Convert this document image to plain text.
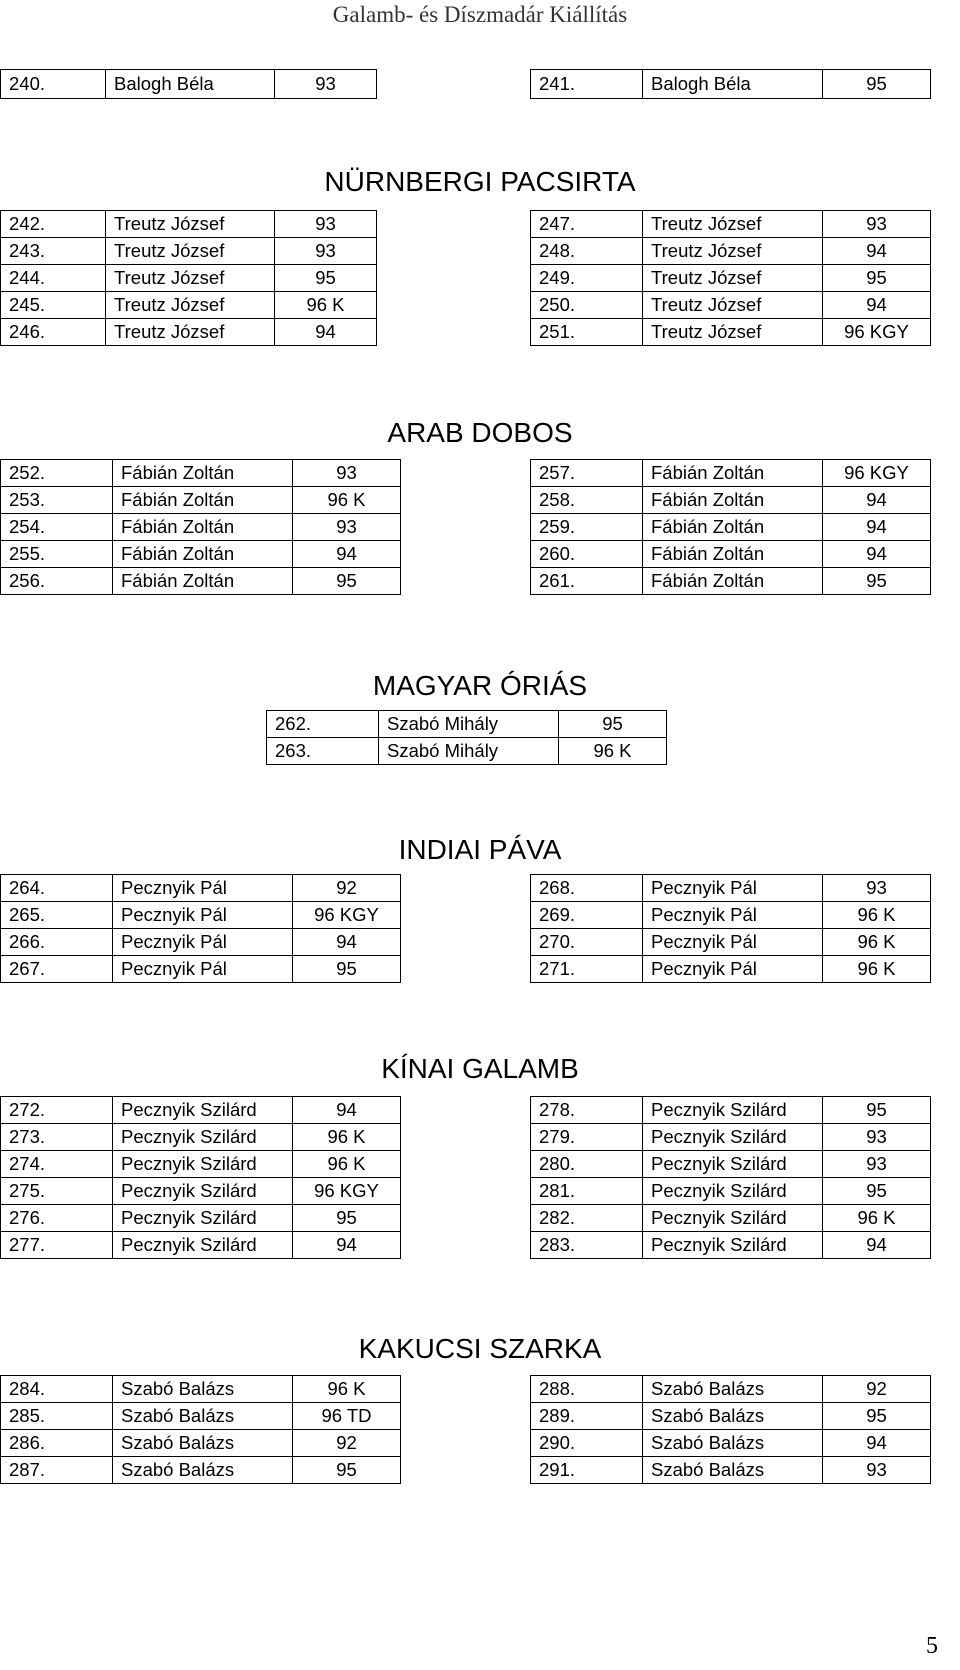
Galamb- és Díszmadár Kiállítás
240.	Balogh Béla	93	241.	Balogh Béla	95
NÜRNBERGI PACSIRTA
242.	Treutz József	93
243.	Treutz József	93
244.	Treutz József	95
245.	Treutz József	96 K
246.	Treutz József	94
247.	Treutz József	93
248.	Treutz József	94
249.	Treutz József	95
250.	Treutz József	94
251.	Treutz József	96 KGY
ARAB DOBOS
252.	Fábián Zoltán	93
253.	Fábián Zoltán	96 K
254.	Fábián Zoltán	93
255.	Fábián Zoltán	94
256.	Fábián Zoltán	95
257.	Fábián Zoltán	96 KGY
258.	Fábián Zoltán	94
259.	Fábián Zoltán	94
260.	Fábián Zoltán	94
261.	Fábián Zoltán	95
MAGYAR ÓRIÁS
262.	Szabó Mihály	95
263.	Szabó Mihály	96 K
INDIAI PÁVA
264.	Pecznyik Pál	92
265.	Pecznyik Pál	96 KGY
266.	Pecznyik Pál	94
267.	Pecznyik Pál	95
268.	Pecznyik Pál	93
269.	Pecznyik Pál	96 K
270.	Pecznyik Pál	96 K
271.	Pecznyik Pál	96 K
KÍNAI GALAMB
272.	Pecznyik Szilárd	94
273.	Pecznyik Szilárd	96 K
274.	Pecznyik Szilárd	96 K
275.	Pecznyik Szilárd	96 KGY
276.	Pecznyik Szilárd	95
277.	Pecznyik Szilárd	94
278.	Pecznyik Szilárd	95
279.	Pecznyik Szilárd	93
280.	Pecznyik Szilárd	93
281.	Pecznyik Szilárd	95
282.	Pecznyik Szilárd	96 K
283.	Pecznyik Szilárd	94
KAKUCSI SZARKA
284.	Szabó Balázs	96 K
285.	Szabó Balázs	96 TD
286.	Szabó Balázs	92
287.	Szabó Balázs	95
288.	Szabó Balázs	92
289.	Szabó Balázs	95
290.	Szabó Balázs	94
291.	Szabó Balázs	93
5
